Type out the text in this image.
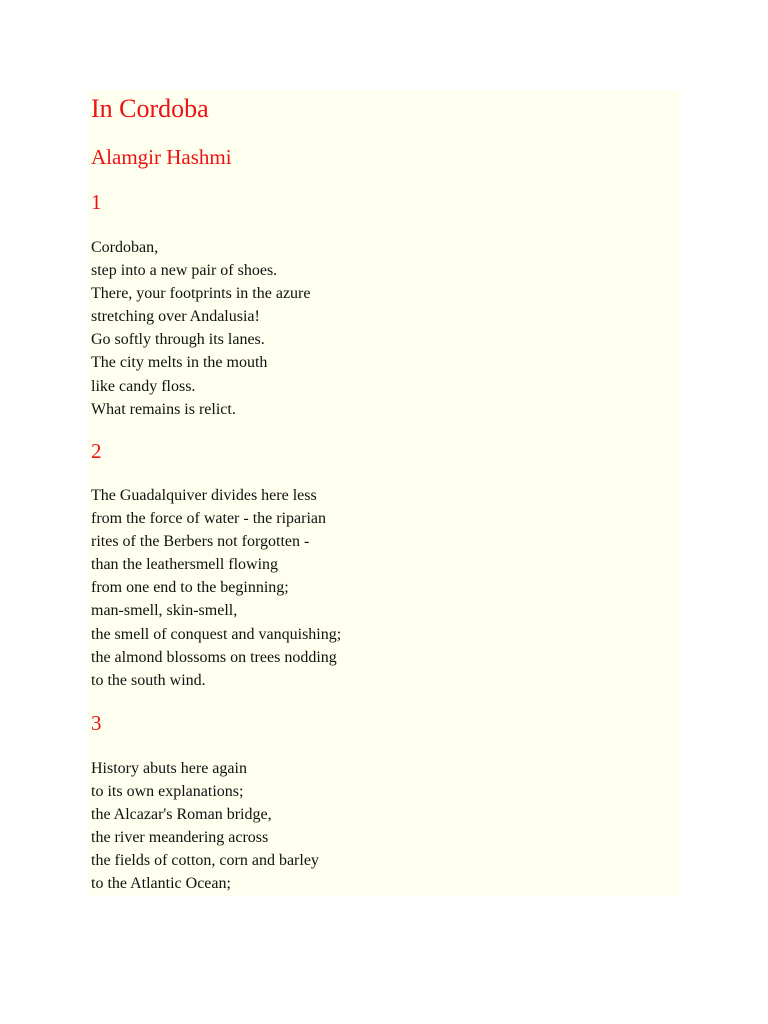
In Cordoba
Alamgir Hashmi
1

Cordoban,
step into a new pair of shoes.
There, your footprints in the azure
stretching over Andalusia!
Go softly through its lanes.
The city melts in the mouth
like candy floss.
What remains is relict.

2

The Guadalquiver divides here less
from the force of water - the riparian
rites of the Berbers not forgotten -
than the leathersmell flowing
from one end to the beginning;
man-smell, skin-smell,
the smell of conquest and vanquishing;
the almond blossoms on trees nodding
to the south wind.

3

History abuts here again
to its own explanations;
the Alcazar's Roman bridge,
the river meandering across
the fields of cotton, corn and barley
to the Atlantic Ocean;
